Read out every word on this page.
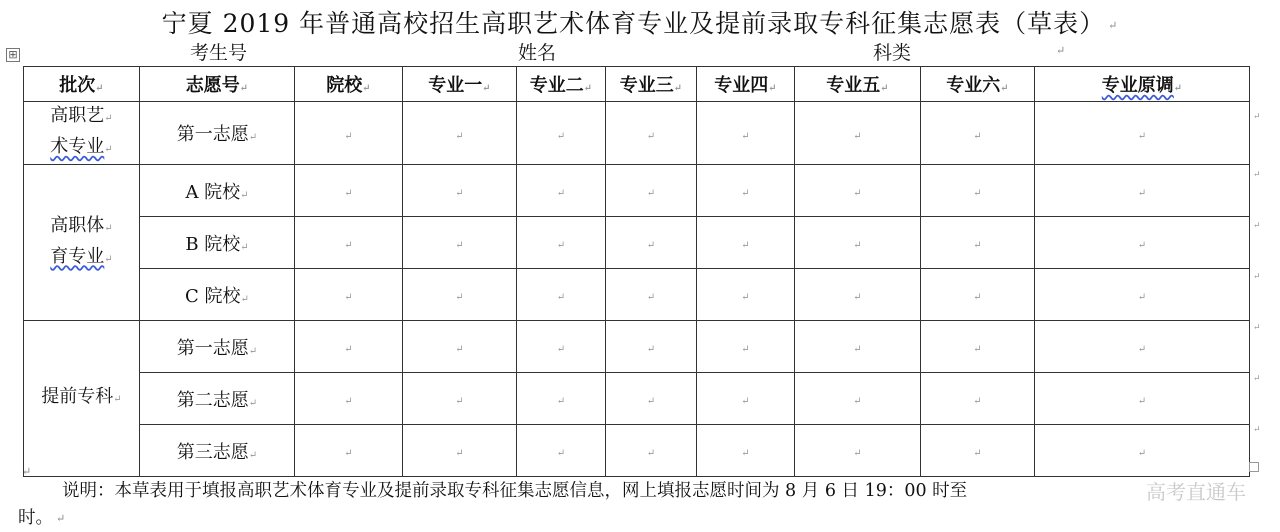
宁夏 2019 年普通高校招生高职艺术体育专业及提前录取专科征集志愿表（草表） ↵
⊞	考生号	姓名	科类	↵
批次↵	志愿号↵	院校↵	专业一↵	专业二↵	专业三↵	专业四↵	专业五↵	专业六↵	专业原调↵
高职艺↵
术专业↵	第一志愿↵	↵	↵	↵	↵	↵	↵	↵	↵
高职体↵
育专业↵	A 院校↵	↵	↵	↵	↵	↵	↵	↵	↵
	B 院校↵	↵	↵	↵	↵	↵	↵	↵	↵
	C 院校↵	↵	↵	↵	↵	↵	↵	↵	↵
提前专科↵	第一志愿↵	↵	↵	↵	↵	↵	↵	↵	↵
	第二志愿↵	↵	↵	↵	↵	↵	↵	↵	↵
	第三志愿↵	↵	↵	↵	↵	↵	↵	↵	↵
↵
↵
↵
↵
↵
↵
↵
↵
说明：本草表用于填报高职艺术体育专业及提前录取专科征集志愿信息，网上填报志愿时间为 8 月 6 日 19：00 时至
时。 ↵
高考直通车
